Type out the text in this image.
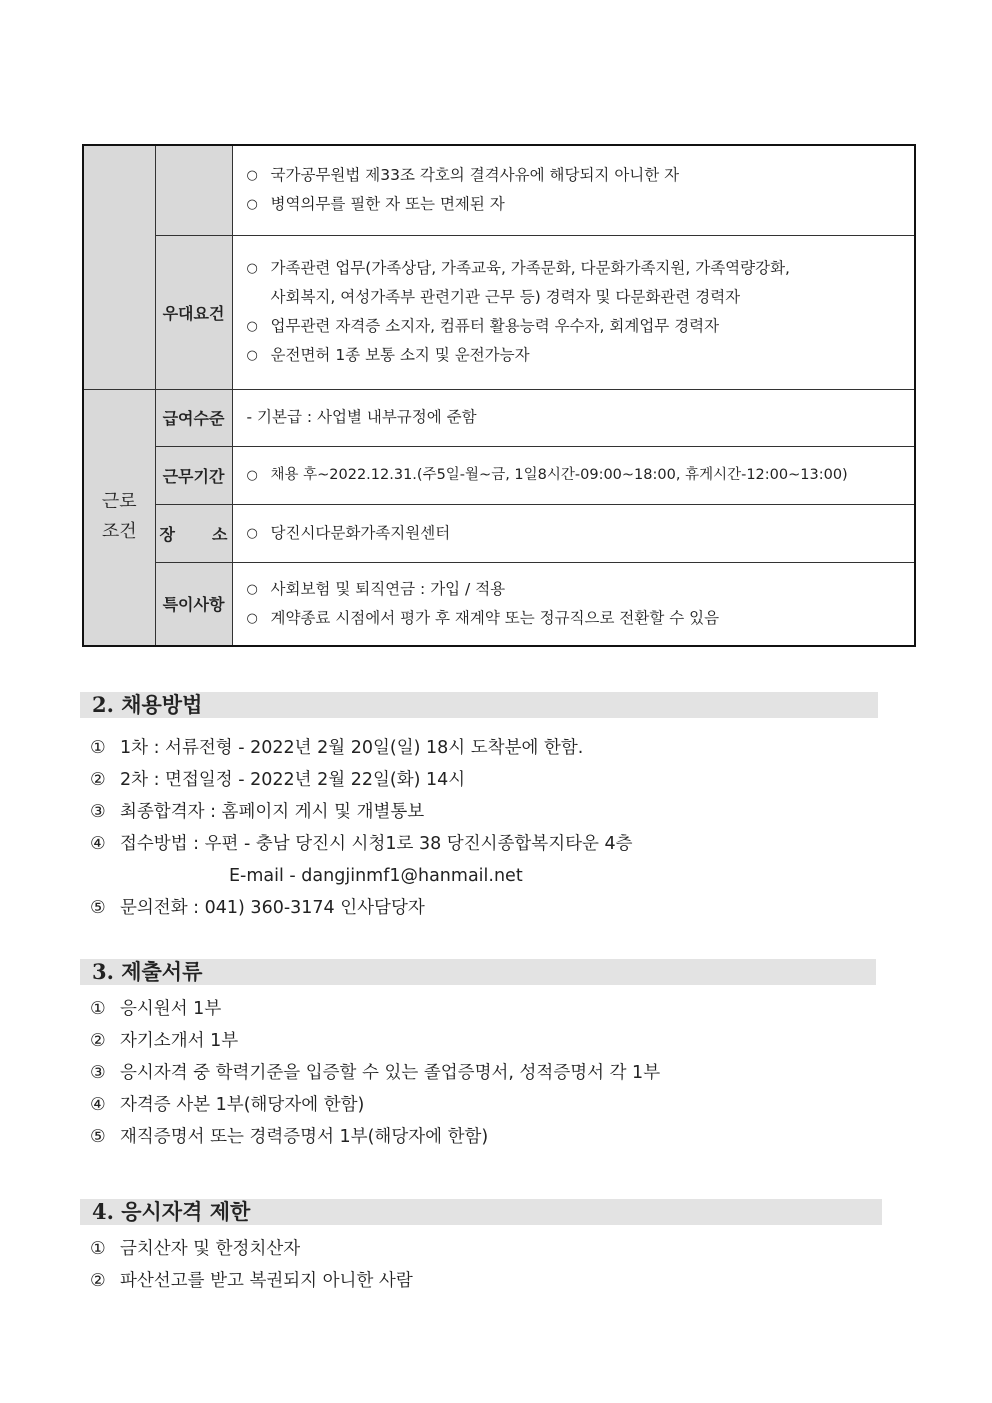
		○ 국가공무원법 제33조 각호의 결격사유에 해당되지 아니한 자
○ 병역의무를 필한 자 또는 면제된 자

	우대요건	○ 가족관련 업무(가족상담, 가족교육, 가족문화, 다문화가족지원, 가족역량강화,
사회복지, 여성가족부 관련기관 근무 등) 경력자 및 다문화관련 경력자
○ 업무관련 자격증 소지자, 컴퓨터 활용능력 우수자, 회계업무 경력자
○ 운전면허 1종 보통 소지 및 운전가능자

근로
조건	급여수준	- 기본급 : 사업별 내부규정에 준함

	근무기간	○ 채용 후~2022.12.31.(주5일-월~금, 1일8시간-09:00~18:00, 휴게시간-12:00~13:00)

	장 소	○ 당진시다문화가족지원센터

	특이사항	○ 사회보험 및 퇴직연금 : 가입 / 적용
○ 계약종료 시점에서 평가 후 재계약 또는 정규직으로 전환할 수 있음
2. 채용방법
① 1차 : 서류전형 - 2022년 2월 20일(일) 18시 도착분에 한함.
② 2차 : 면접일정 - 2022년 2월 22일(화) 14시
③ 최종합격자 : 홈페이지 게시 및 개별통보
④ 접수방법 : 우편 - 충남 당진시 시청1로 38 당진시종합복지타운 4층
E-mail - dangjinmf1@hanmail.net
⑤ 문의전화 : 041) 360-3174 인사담당자
3. 제출서류
① 응시원서 1부
② 자기소개서 1부
③ 응시자격 중 학력기준을 입증할 수 있는 졸업증명서, 성적증명서 각 1부
④ 자격증 사본 1부(해당자에 한함)
⑤ 재직증명서 또는 경력증명서 1부(해당자에 한함)
4. 응시자격 제한
① 금치산자 및 한정치산자
② 파산선고를 받고 복권되지 아니한 사람
